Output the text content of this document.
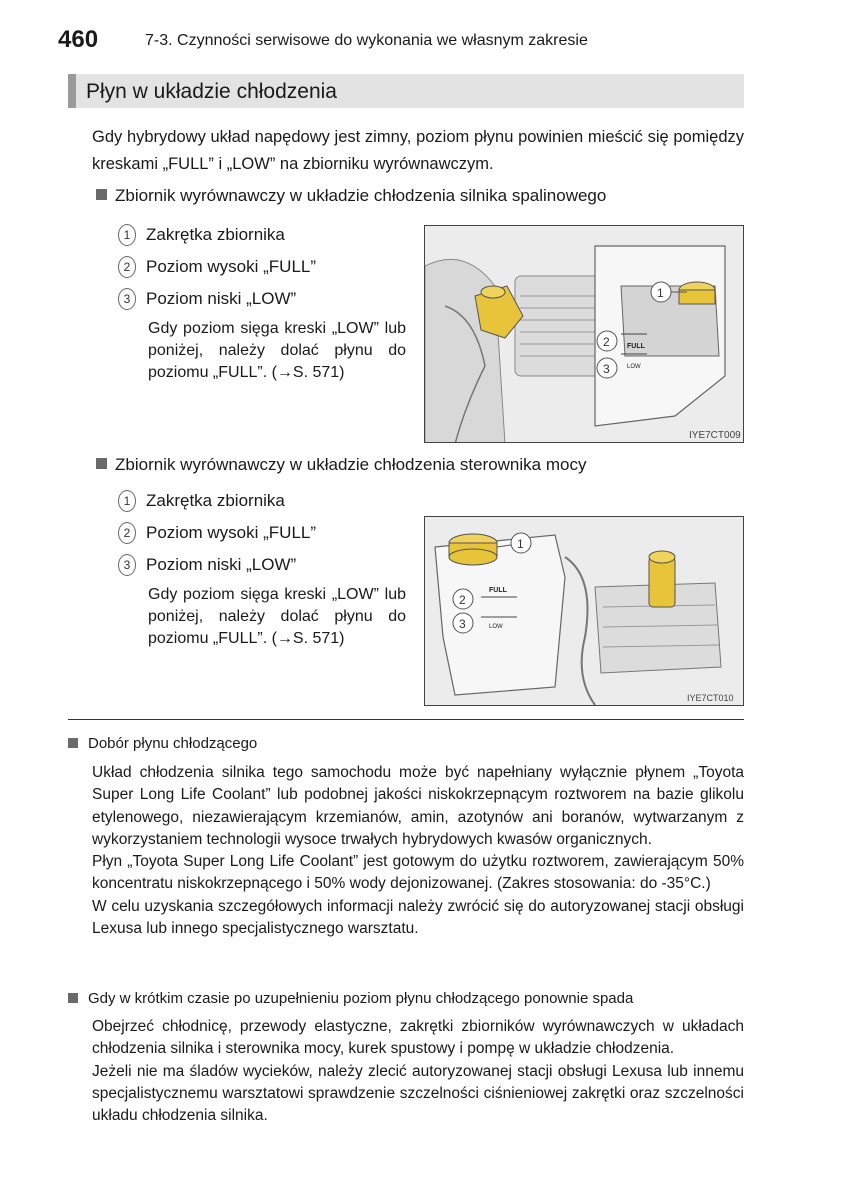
460	7-3. Czynności serwisowe do wykonania we własnym zakresie
Płyn w układzie chłodzenia
Gdy hybrydowy układ napędowy jest zimny, poziom płynu powinien mieścić się pomiędzy kreskami „FULL” i „LOW” na zbiorniku wyrównawczym.
Zbiornik wyrównawczy w układzie chłodzenia silnika spalinowego
1 Zakrętka zbiornika
2 Poziom wysoki „FULL”
3 Poziom niski „LOW”
Gdy poziom sięga kreski „LOW” lub poniżej, należy dolać płynu do poziomu „FULL”. (→S. 571)
FULL
LOW
1
2
3
IYE7CT009
Zbiornik wyrównawczy w układzie chłodzenia sterownika mocy
1 Zakrętka zbiornika
2 Poziom wysoki „FULL”
3 Poziom niski „LOW”
Gdy poziom sięga kreski „LOW” lub poniżej, należy dolać płynu do poziomu „FULL”. (→S. 571)
FULL
LOW
1
2
3
IYE7CT010
Dobór płynu chłodzącego
Układ chłodzenia silnika tego samochodu może być napełniany wyłącznie płynem „Toyota Super Long Life Coolant” lub podobnej jakości niskokrzepnącym roztworem na bazie glikolu etylenowego, niezawierającym krzemianów, amin, azotynów ani boranów, wytwarzanym z wykorzystaniem technologii wysoce trwałych hybrydowych kwasów organicznych.
Płyn „Toyota Super Long Life Coolant” jest gotowym do użytku roztworem, zawierającym 50% koncentratu niskokrzepnącego i 50% wody dejonizowanej. (Zakres stosowania: do -35°C.)
W celu uzyskania szczegółowych informacji należy zwrócić się do autoryzowanej stacji obsługi Lexusa lub innego specjalistycznego warsztatu.
Gdy w krótkim czasie po uzupełnieniu poziom płynu chłodzącego ponownie spada
Obejrzeć chłodnicę, przewody elastyczne, zakrętki zbiorników wyrównawczych w układach chłodzenia silnika i sterownika mocy, kurek spustowy i pompę w układzie chłodzenia.
Jeżeli nie ma śladów wycieków, należy zlecić autoryzowanej stacji obsługi Lexusa lub innemu specjalistycznemu warsztatowi sprawdzenie szczelności ciśnieniowej zakrętki oraz szczelności układu chłodzenia silnika.
